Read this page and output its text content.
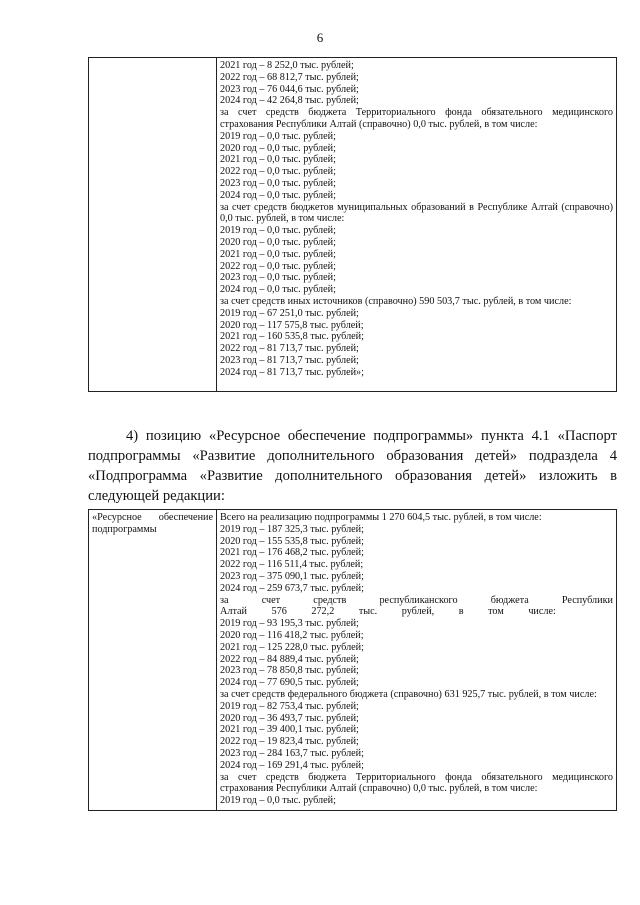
6

2021 год – 8 252,0 тыс. рублей;
2022 год – 68 812,7 тыс. рублей;
2023 год – 76 044,6 тыс. рублей;
2024 год – 42 264,8 тыс. рублей;
за счет средств бюджета Территориального фонда обязательного медицинского страхования Республики Алтай (справочно) 0,0 тыс. рублей, в том числе:
2019 год – 0,0 тыс. рублей;
2020 год – 0,0 тыс. рублей;
2021 год – 0,0 тыс. рублей;
2022 год – 0,0 тыс. рублей;
2023 год – 0,0 тыс. рублей;
2024 год – 0,0 тыс. рублей;
за счет средств бюджетов муниципальных образований в Республике Алтай (справочно) 0,0 тыс. рублей, в том числе:
2019 год – 0,0 тыс. рублей;
2020 год – 0,0 тыс. рублей;
2021 год – 0,0 тыс. рублей;
2022 год – 0,0 тыс. рублей;
2023 год – 0,0 тыс. рублей;
2024 год – 0,0 тыс. рублей;
за счет средств иных источников (справочно) 590 503,7 тыс. рублей, в том числе:
2019 год – 67 251,0 тыс. рублей;
2020 год – 117 575,8 тыс. рублей;
2021 год – 160 535,8 тыс. рублей;
2022 год – 81 713,7 тыс. рублей;
2023 год – 81 713,7 тыс. рублей;
2024 год – 81 713,7 тыс. рублей»;
4) позицию «Ресурсное обеспечение подпрограммы» пункта 4.1 «Паспорт подпрограммы «Развитие дополнительного образования детей» подраздела 4 «Подпрограмма «Развитие дополнительного образования детей» изложить в следующей редакции:
«Ресурсное обеспечение подпрограммы	
Всего на реализацию подпрограммы 1 270 604,5 тыс. рублей, в том числе:
2019 год – 187 325,3 тыс. рублей;
2020 год – 155 535,8 тыс. рублей;
2021 год – 176 468,2 тыс. рублей;
2022 год – 116 511,4 тыс. рублей;
2023 год – 375 090,1 тыс. рублей;
2024 год – 259 673,7 тыс. рублей;
за счет средств республиканского бюджета Республики Алтай 576 272,2 тыс. рублей, в том числе:
2019 год – 93 195,3 тыс. рублей;
2020 год – 116 418,2 тыс. рублей;
2021 год – 125 228,0 тыс. рублей;
2022 год – 84 889,4 тыс. рублей;
2023 год – 78 850,8 тыс. рублей;
2024 год – 77 690,5 тыс. рублей;
за счет средств федерального бюджета (справочно) 631 925,7 тыс. рублей, в том числе:
2019 год – 82 753,4 тыс. рублей;
2020 год – 36 493,7 тыс. рублей;
2021 год – 39 400,1 тыс. рублей;
2022 год – 19 823,4 тыс. рублей;
2023 год – 284 163,7 тыс. рублей;
2024 год – 169 291,4 тыс. рублей;
за счет средств бюджета Территориального фонда обязательного медицинского страхования Республики Алтай (справочно) 0,0 тыс. рублей, в том числе:
2019 год – 0,0 тыс. рублей;
